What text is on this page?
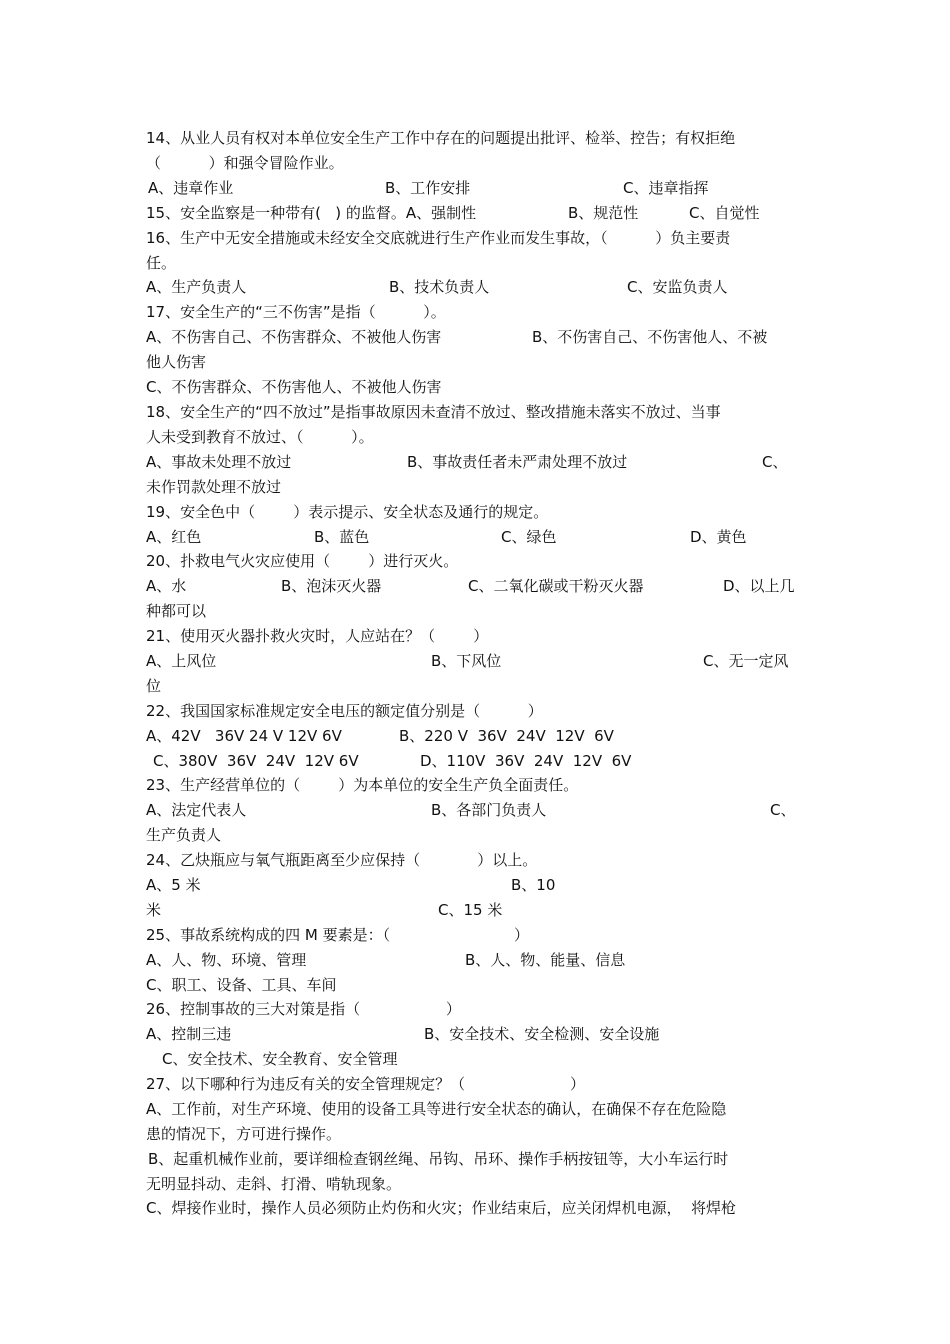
14、从业人员有权对本单位安全生产工作中存在的问题提出批评、检举、控告；有权拒绝
（          ）和强令冒险作业。
A、违章作业	B、工作安排	C、违章指挥
15、安全监察是一种带有(   ) 的监督。A、强制性	B、规范性	C、自觉性
16、生产中无安全措施或未经安全交底就进行生产作业而发生事故，（          ）负主要责
任。
A、生产负责人	B、技术负责人	C、安监负责人
17、安全生产的“三不伤害”是指（          ）。
A、不伤害自己、不伤害群众、不被他人伤害	B、不伤害自己、不伤害他人、不被
他人伤害
C、不伤害群众、不伤害他人、不被他人伤害
18、安全生产的“四不放过”是指事故原因未查清不放过、整改措施未落实不放过、当事
人未受到教育不放过、（          ）。
A、事故未处理不放过	B、事故责任者未严肃处理不放过	C、
未作罚款处理不放过
19、安全色中（        ）表示提示、安全状态及通行的规定。
A、红色	B、蓝色	C、绿色	D、黄色
20、扑救电气火灾应使用（        ）进行灭火。
A、水	B、泡沫灭火器	C、二氧化碳或干粉灭火器	D、以上几
种都可以
21、使用灭火器扑救火灾时，人应站在？（        ）
A、上风位	B、下风位	C、无一定风
位
22、我国国家标准规定安全电压的额定值分别是（          ）
A、42V   36V 24 V 12V 6V	B、220 V  36V  24V  12V  6V
C、380V  36V  24V  12V 6V	D、110V  36V  24V  12V  6V
23、生产经营单位的（        ）为本单位的安全生产负全面责任。
A、法定代表人	B、各部门负责人	C、
生产负责人
24、乙炔瓶应与氧气瓶距离至少应保持（            ）以上。
A、5 米	B、10
米	C、15 米
25、事故系统构成的四 M 要素是：（                          ）
A、人、物、环境、管理	B、人、物、能量、信息
C、职工、设备、工具、车间
26、控制事故的三大对策是指（                  ）
A、控制三违	B、安全技术、安全检测、安全设施
C、安全技术、安全教育、安全管理
27、以下哪种行为违反有关的安全管理规定？（                      ）
A、工作前，对生产环境、使用的设备工具等进行安全状态的确认，在确保不存在危险隐
患的情况下，方可进行操作。
B、起重机械作业前，要详细检查钢丝绳、吊钩、吊环、操作手柄按钮等，大小车运行时
无明显抖动、走斜、打滑、啃轨现象。
C、焊接作业时，操作人员必须防止灼伤和火灾；作业结束后，应关闭焊机电源，  将焊枪
